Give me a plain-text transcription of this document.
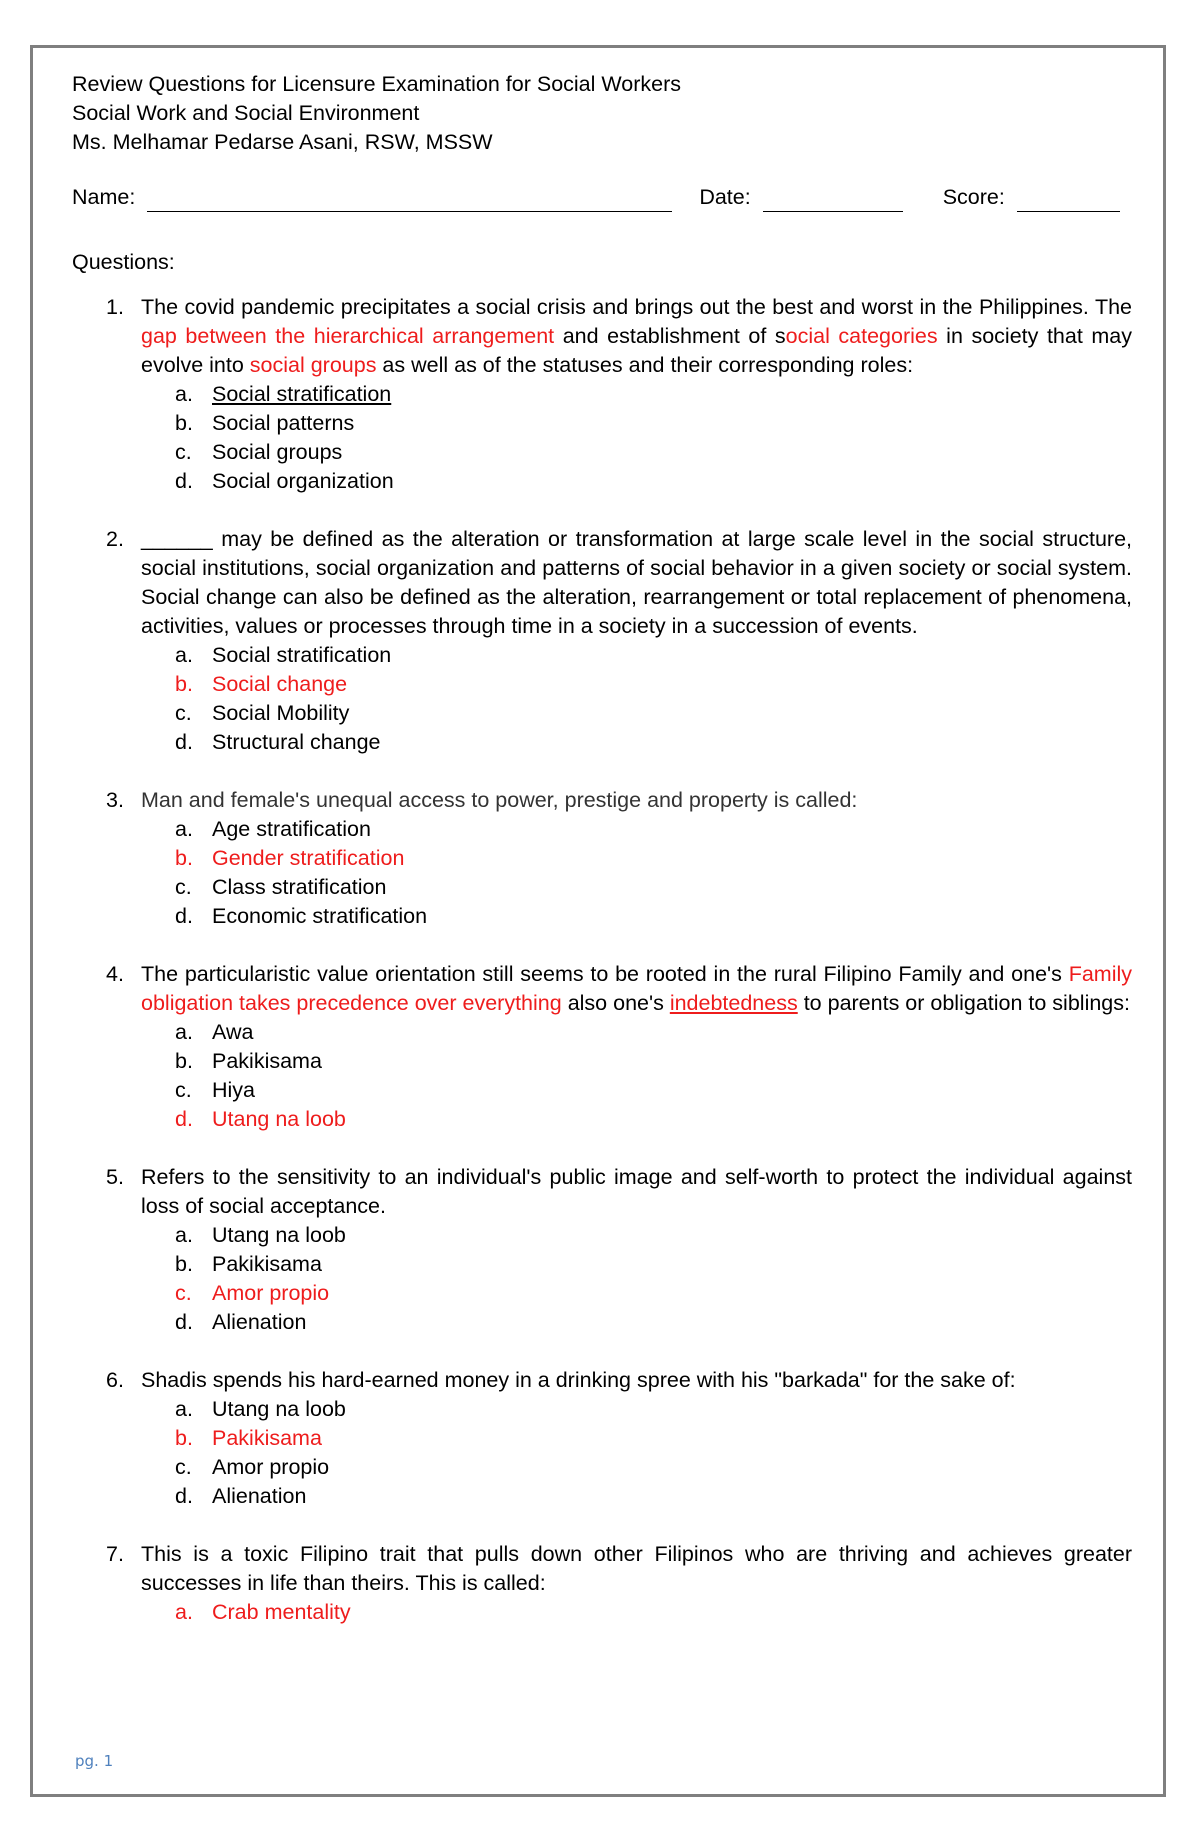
Review Questions for Licensure Examination for Social Workers
Social Work and Social Environment
Ms. Melhamar Pedarse Asani, RSW, MSSW
Name:	Date:	Score:
Questions:
1. The covid pandemic precipitates a social crisis and brings out the best and worst in the Philippines. The gap between the hierarchical arrangement and establishment of social categories in society that may evolve into social groups as well as of the statuses and their corresponding roles:
a. Social stratification
b. Social patterns
c. Social groups
d. Social organization
2. ______ may be defined as the alteration or transformation at large scale level in the social structure, social institutions, social organization and patterns of social behavior in a given society or social system. Social change can also be defined as the alteration, rearrangement or total replacement of phenomena, activities, values or processes through time in a society in a succession of events.
a. Social stratification
b. Social change
c. Social Mobility
d. Structural change
3. Man and female's unequal access to power, prestige and property is called:
a. Age stratification
b. Gender stratification
c. Class stratification
d. Economic stratification
4. The particularistic value orientation still seems to be rooted in the rural Filipino Family and one's Family obligation takes precedence over everything also one's indebtedness to parents or obligation to siblings:
a. Awa
b. Pakikisama
c. Hiya
d. Utang na loob
5. Refers to the sensitivity to an individual's public image and self-worth to protect the individual against loss of social acceptance.
a. Utang na loob
b. Pakikisama
c. Amor propio
d. Alienation
6. Shadis spends his hard-earned money in a drinking spree with his "barkada" for the sake of:
a. Utang na loob
b. Pakikisama
c. Amor propio
d. Alienation
7. This is a toxic Filipino trait that pulls down other Filipinos who are thriving and achieves greater successes in life than theirs. This is called:
a. Crab mentality
pg. 1
